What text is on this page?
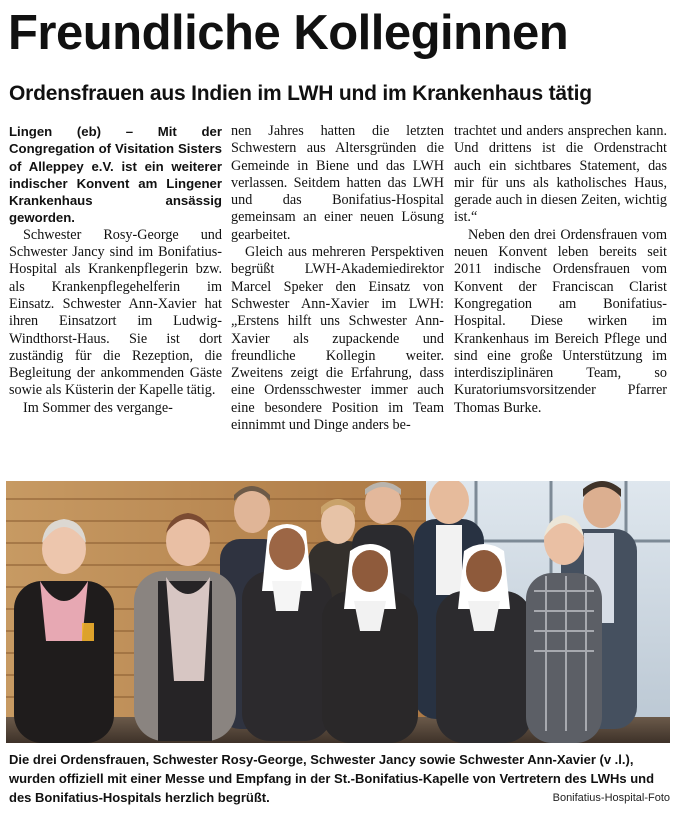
Freundliche Kolleginnen
Ordensfrauen aus Indien im LWH und im Krankenhaus tätig

Lingen (eb) – Mit der Congregation of Visitation Sisters of Alleppey e.V. ist ein weiterer indischer Konvent am Lingener Krankenhaus ansässig geworden.

Schwester Rosy-George und Schwester Jancy sind im Bonifatius-Hospital als Krankenpflegerin bzw. als Krankenpflegehelferin im Einsatz. Schwester Ann-Xavier hat ihren Einsatzort im Ludwig-Windthorst-Haus. Sie ist dort zuständig für die Rezeption, die Begleitung der ankommenden Gäste sowie als Küsterin der Kapelle tätig.

Im Sommer des vergange-

nen Jahres hatten die letzten Schwestern aus Altersgründen die Gemeinde in Biene und das LWH verlassen. Seitdem hatten das LWH und das Bonifatius-Hospital gemeinsam an einer neuen Lösung gearbeitet.

Gleich aus mehreren Perspektiven begrüßt LWH-Akademiedirektor Marcel Speker den Einsatz von Schwester Ann-Xavier im LWH: „Erstens hilft uns Schwester Ann-Xavier als zupackende und freundliche Kollegin weiter. Zweitens zeigt die Erfahrung, dass eine Ordensschwester immer auch eine besondere Position im Team einnimmt und Dinge anders be-

trachtet und anders ansprechen kann. Und drittens ist die Ordenstracht auch ein sichtbares Statement, das mir für uns als katholisches Haus, gerade auch in diesen Zeiten, wichtig ist.“

Neben den drei Ordensfrauen vom neuen Konvent leben bereits seit 2011 indische Ordensfrauen vom Konvent der Franciscan Clarist Kongregation am Bonifatius-Hospital. Diese wirken im Krankenhaus im Bereich Pflege und sind eine große Unterstützung im interdisziplinären Team, so Kuratoriumsvorsitzender Pfarrer Thomas Burke.

Die drei Ordensfrauen, Schwester Rosy-George, Schwester Jancy sowie Schwester Ann-Xavier (v .l.), wurden offiziell mit einer Messe und Empfang in der St.-Bonifatius-Kapelle von Vertretern des LWHs und des Bonifatius-Hospitals herzlich begrüßt.	Bonifatius-Hospital-Foto
